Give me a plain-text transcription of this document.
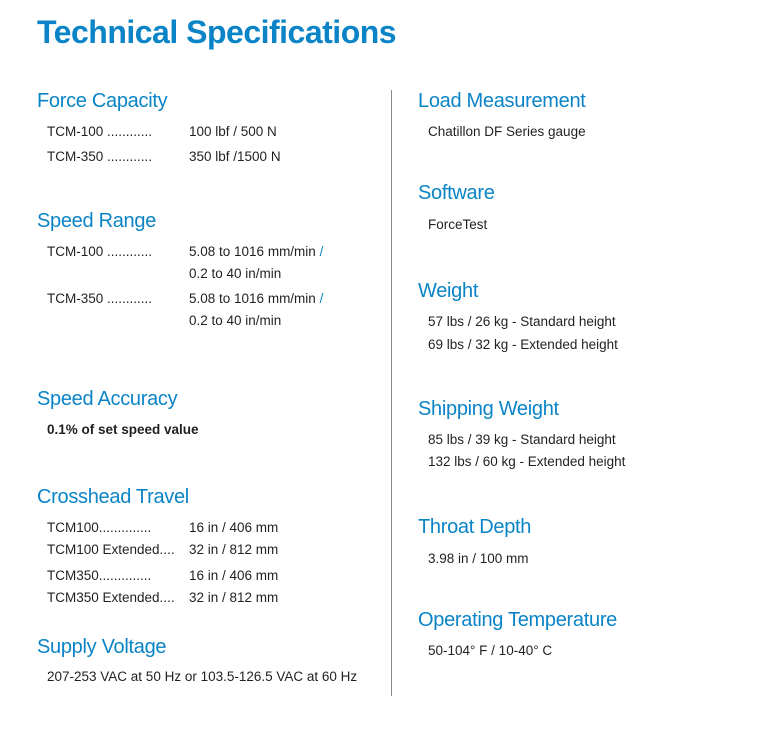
Technical Specifications
Force Capacity
TCM-100 ............	100 lbf / 500 N
TCM-350 ............	350 lbf /1500 N
Speed Range
TCM-100 ............	5.08 to 1016 mm/min /
0.2 to 40 in/min
TCM-350 ............	5.08 to 1016 mm/min /
0.2 to 40 in/min
Speed Accuracy
0.1% of set speed value
Crosshead Travel
TCM100..............	16 in / 406 mm
TCM100 Extended.... 32 in / 812 mm
TCM350..............	16 in / 406 mm
TCM350 Extended.... 32 in / 812 mm
Supply Voltage
207-253 VAC at 50 Hz or 103.5-126.5 VAC at 60 Hz
Load Measurement
Chatillon DF Series gauge
Software
ForceTest
Weight
57 lbs / 26 kg - Standard height
69 lbs / 32 kg - Extended height
Shipping Weight
85 lbs / 39 kg - Standard height
132 lbs / 60 kg - Extended height
Throat Depth
3.98 in / 100 mm
Operating Temperature
50-104° F / 10-40° C
